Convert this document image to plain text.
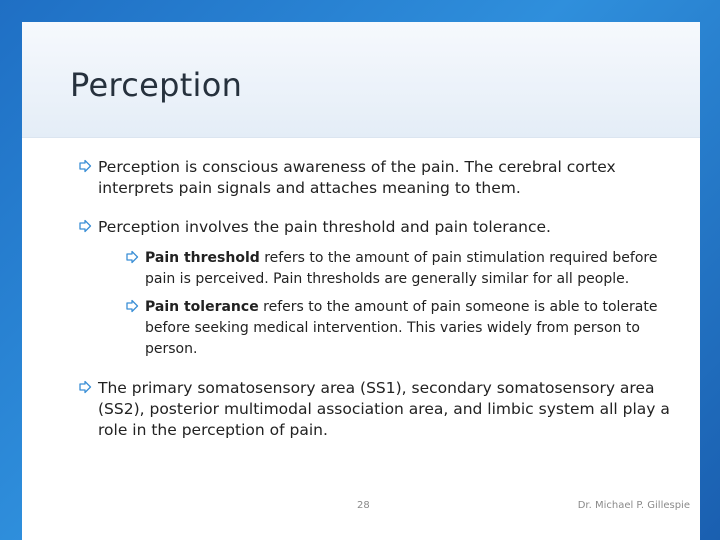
Perception
Perception is conscious awareness of the pain. The cerebral cortex interprets pain signals and attaches meaning to them.
Perception involves the pain threshold and pain tolerance.
Pain threshold refers to the amount of pain stimulation required before pain is perceived. Pain thresholds are generally similar for all people.
Pain tolerance refers to the amount of pain someone is able to tolerate before seeking medical intervention. This varies widely from person to person.
The primary somatosensory area (SS1), secondary somatosensory area (SS2), posterior multimodal association area, and limbic system all play a role in the perception of pain.
28	Dr. Michael P. Gillespie
